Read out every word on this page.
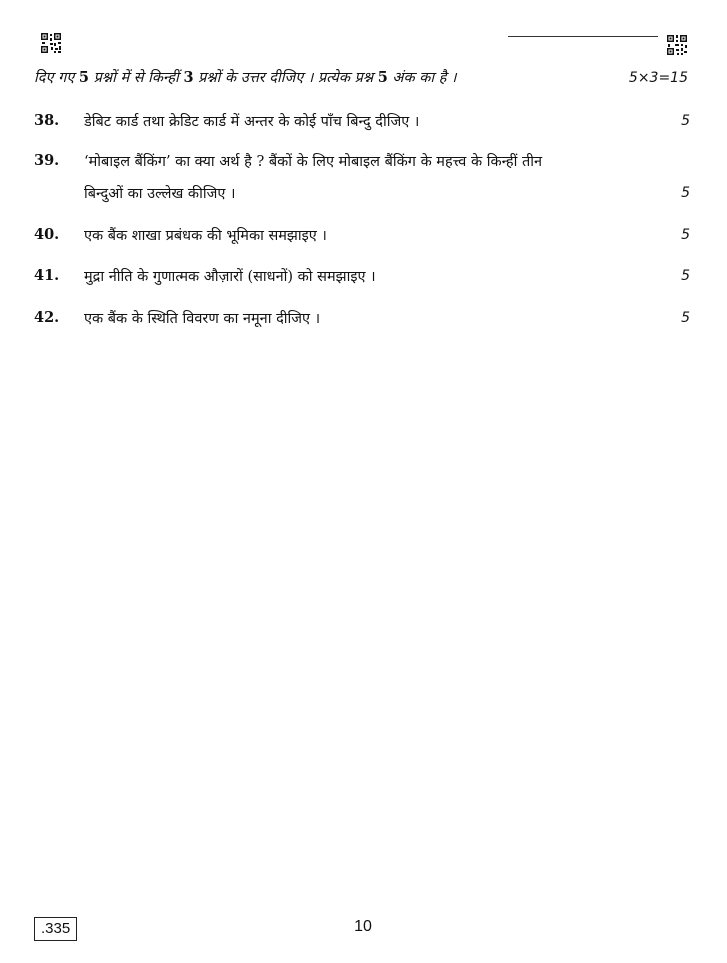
दिए गए 5 प्रश्नों में से किन्हीं 3 प्रश्नों के उत्तर दीजिए । प्रत्येक प्रश्न 5 अंक का है ।	5×3=15
38. डेबिट कार्ड तथा क्रेडिट कार्ड में अन्तर के कोई पाँच बिन्दु दीजिए ।	5
39. ‘मोबाइल बैंकिंग’ का क्या अर्थ है ? बैंकों के लिए मोबाइल बैंकिंग के महत्त्व के किन्हीं तीन
बिन्दुओं का उल्लेख कीजिए ।	5
40. एक बैंक शाखा प्रबंधक की भूमिका समझाइए ।	5
41. मुद्रा नीति के गुणात्मक औज़ारों (साधनों) को समझाइए ।	5
42. एक बैंक के स्थिति विवरण का नमूना दीजिए ।	5
.335	10
